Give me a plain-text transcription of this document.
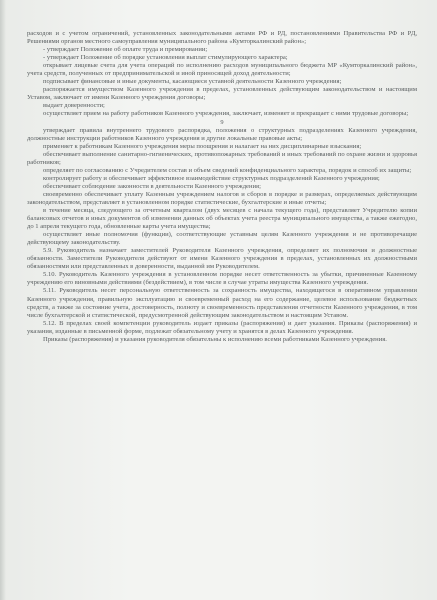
расходов и с учетом ограничений, установленных законодательными актами РФ и РД, постановлениями Правительства РФ и РД, Решениями органов местного самоуправления муниципального района «Кумторкалинский район»;

- утверждает Положение об оплате труда и премировании;

- утверждает Положение об порядке установления выплат стимулирующего характера;

открывает лицевые счета для учета операций по исполнению расходов муниципального бюджета МР «Кумторкалинский район», учета средств, полученных от предпринимательской и иной приносящей доход деятельности;

подписывает финансовые и иные документы, касающиеся уставной деятельности Казенного учреждения;

распоряжается имуществом Казенного учреждения в пределах, установленных действующим законодательством и настоящим Уставом, заключает от имени Казенного учреждения договоры;

выдает доверенности;

осуществляет прием на работу работников Казенного учреждения, заключает, изменяет и прекращает с ними трудовые договоры;

9

утверждает правила внутреннего трудового распорядка, положения о структурных подразделениях Казенного учреждения, должностные инструкции работников Казенного учреждения и другие локальные правовые акты;

применяет к работникам Казенного учреждения меры поощрения и налагает на них дисциплинарные взыскания;

обеспечивает выполнение санитарно-гигиенических, противопожарных требований и иных требований по охране жизни и здоровья работников;

определяет по согласованию с Учредителем состав и объем сведений конфиденциального характера, порядок и способ их защиты;

контролирует работу и обеспечивает эффективное взаимодействие структурных подразделений Казенного учреждения;

обеспечивает соблюдение законности в деятельности Казенного учреждения;

своевременно обеспечивает уплату Казенным учреждением налогов и сборов в порядке и размерах, определяемых действующим законодательством, представляет в установленном порядке статистические, бухгалтерские и иные отчеты;

в течение месяца, следующего за отчетным кварталом (двух месяцев с начала текущего года), представляет Учредителю копии балансовых отчетов и иных документов об изменении данных об объектах учета реестра муниципального имущества, а также ежегодно, до 1 апреля текущего года, обновленные карты учета имущества;

осуществляет иные полномочия (функции), соответствующие уставным целям Казенного учреждения и не противоречащие действующему законодательству.

5.9. Руководитель назначает заместителей Руководителя Казенного учреждения, определяет их полномочия и должностные обязанности. Заместители Руководителя действуют от имени Казенного учреждения в пределах, установленных их должностными обязанностями или представленных в доверенности, выданной им Руководителем.

5.10. Руководитель Казенного учреждения в установленном порядке несет ответственность за убытки, причиненные Казенному учреждению его виновными действиями (бездействием), в том числе в случае утраты имущества Казенного учреждения.

5.11. Руководитель несет персональную ответственность за сохранность имущества, находящегося в оперативном управлении Казенного учреждения, правильную эксплуатацию и своевременный расход на его содержание, целевое использование бюджетных средств, а также за состояние учета, достоверность, полноту и своевременность представления отчетности Казенного учреждения, в том числе бухгалтерской и статистической, предусмотренной действующим законодательством и настоящим Уставом.

5.12. В пределах своей компетенции руководитель издает приказы (распоряжения) и дает указания. Приказы (распоряжения) и указания, изданные в письменной форме, подлежат обязательному учету и хранятся в делах Казенного учреждения.

Приказы (распоряжения) и указания руководителя обязательны к исполнению всеми работниками Казенного учреждения.
